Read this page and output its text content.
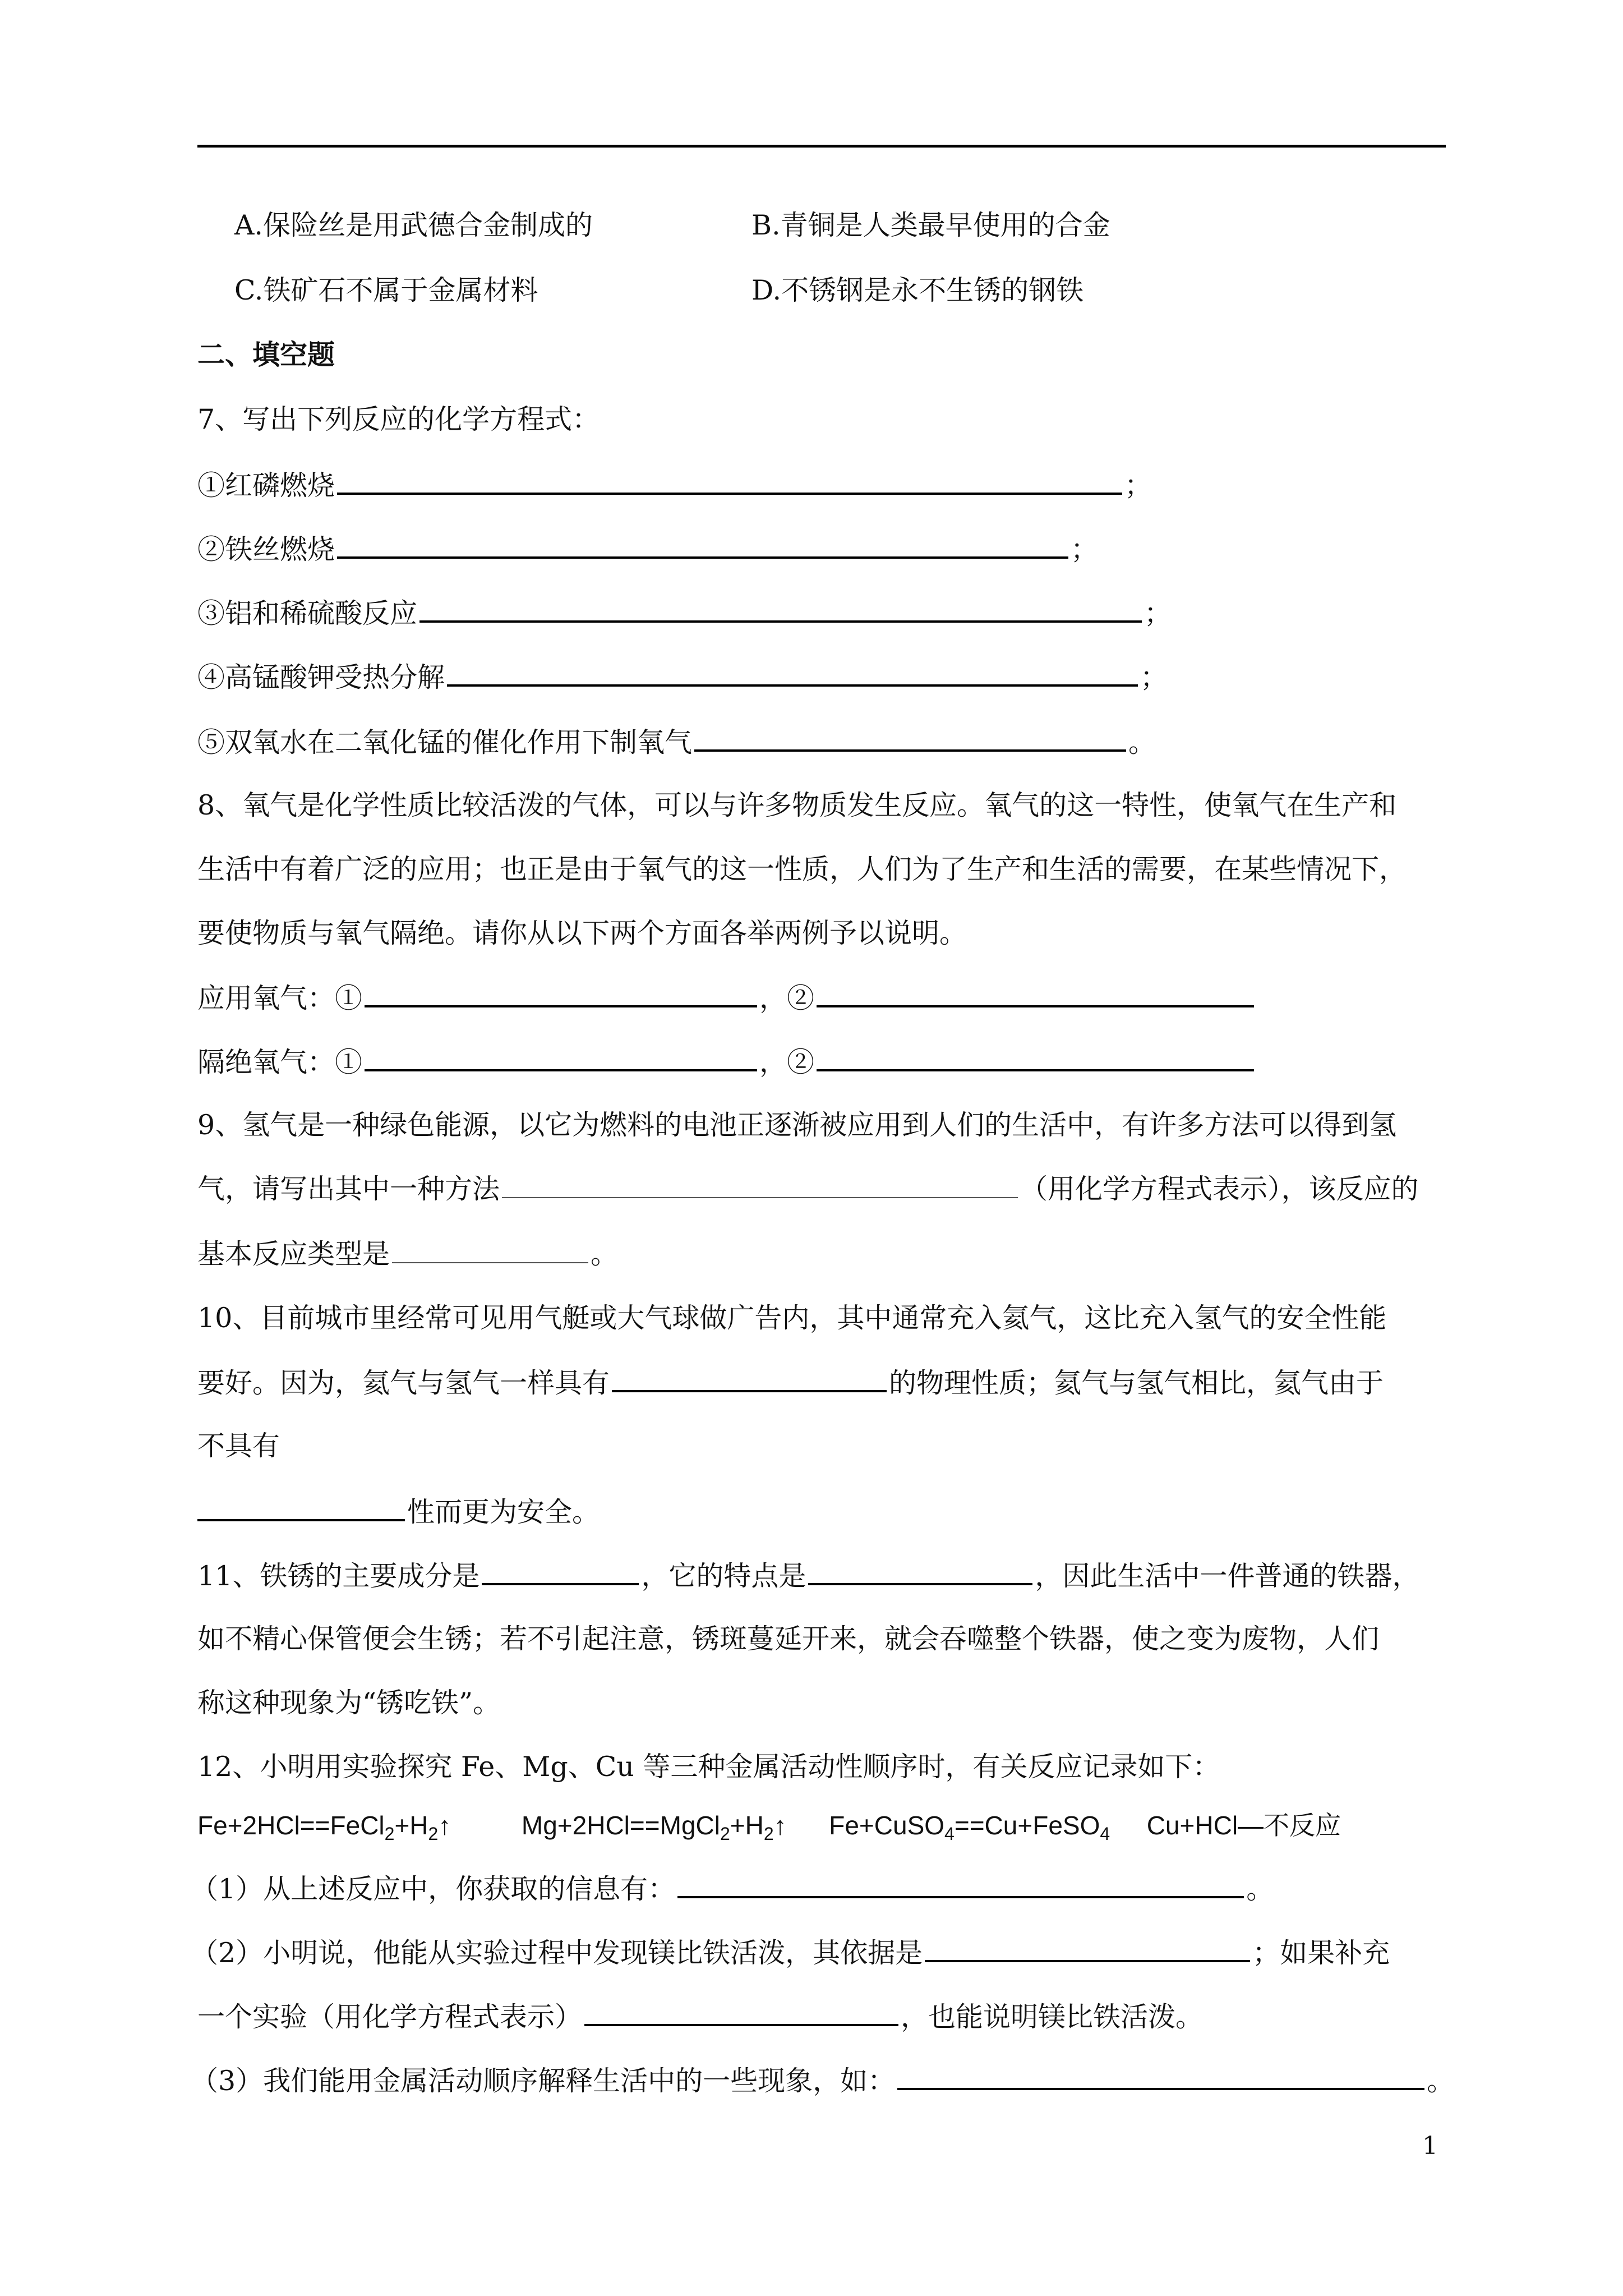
A.保险丝是用武德合金制成的	B.青铜是人类最早使用的合金
C.铁矿石不属于金属材料	D.不锈钢是永不生锈的钢铁
二、填空题
7、写出下列反应的化学方程式：
①红磷燃烧	；
②铁丝燃烧	；
③铝和稀硫酸反应	；
④高锰酸钾受热分解	；
⑤双氧水在二氧化锰的催化作用下制氧气	。
8、氧气是化学性质比较活泼的气体，可以与许多物质发生反应。氧气的这一特性，使氧气在生产和
生活中有着广泛的应用；也正是由于氧气的这一性质，人们为了生产和生活的需要，在某些情况下，
要使物质与氧气隔绝。请你从以下两个方面各举两例予以说明。
应用氧气：①	，②
隔绝氧气：①	，②
9、氢气是一种绿色能源，以它为燃料的电池正逐渐被应用到人们的生活中，有许多方法可以得到氢
气，请写出其中一种方法	（用化学方程式表示），该反应的
基本反应类型是	。
10、目前城市里经常可见用气艇或大气球做广告内，其中通常充入氦气，这比充入氢气的安全性能
要好。因为，氦气与氢气一样具有	的物理性质；氦气与氢气相比，氦气由于
不具有
性而更为安全。
11、铁锈的主要成分是	，它的特点是	，因此生活中一件普通的铁器，
如不精心保管便会生锈；若不引起注意，锈斑蔓延开来，就会吞噬整个铁器，使之变为废物，人们
称这种现象为“锈吃铁”。
12、小明用实验探究 Fe、Mg、Cu 等三种金属活动性顺序时，有关反应记录如下：
$Fe+2HCl==FeCl_2+H_2↑$	$Mg+2HCl==MgCl_2+H_2↑$ Fe+CuSO$_4$==Cu+FeSO$_4$ Cu+HCl—不反应
（1）从上述反应中，你获取的信息有：	。
（2）小明说，他能从实验过程中发现镁比铁活泼，其依据是	；如果补充
一个实验（用化学方程式表示）	，也能说明镁比铁活泼。
（3）我们能用金属活动顺序解释生活中的一些现象，如：	。
1
